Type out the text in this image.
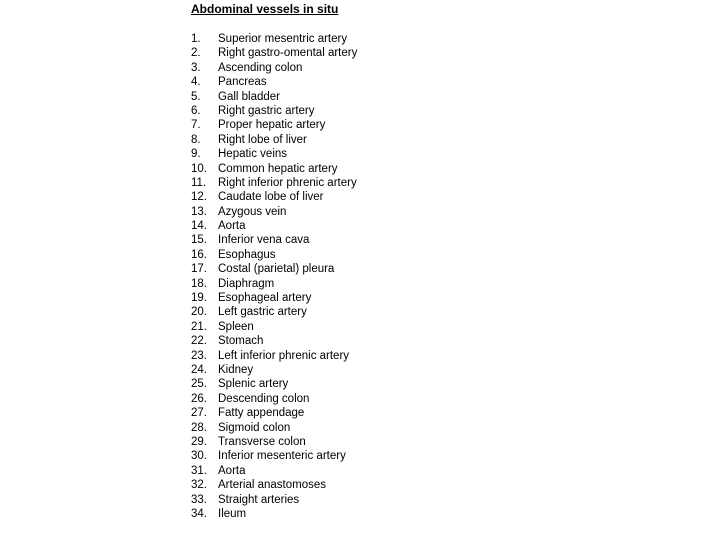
Abdominal vessels in situ
1.	Superior mesentric artery
2.	Right gastro-omental artery
3.	Ascending colon
4.	Pancreas
5.	Gall bladder
6.	Right gastric artery
7.	Proper hepatic artery
8.	Right lobe of liver
9.	Hepatic veins
10. Common hepatic artery
11.	Right inferior phrenic artery
12. Caudate lobe of liver
13. Azygous vein
14. Aorta
15. Inferior vena cava
16. Esophagus
17. Costal (parietal) pleura
18. Diaphragm
19. Esophageal artery
20. Left gastric artery
21. Spleen
22. Stomach
23. Left inferior phrenic artery
24. Kidney
25. Splenic artery
26. Descending colon
27. Fatty appendage
28. Sigmoid colon
29. Transverse colon
30. Inferior mesenteric artery
31. Aorta
32. Arterial anastomoses
33. Straight arteries
34. Ileum
